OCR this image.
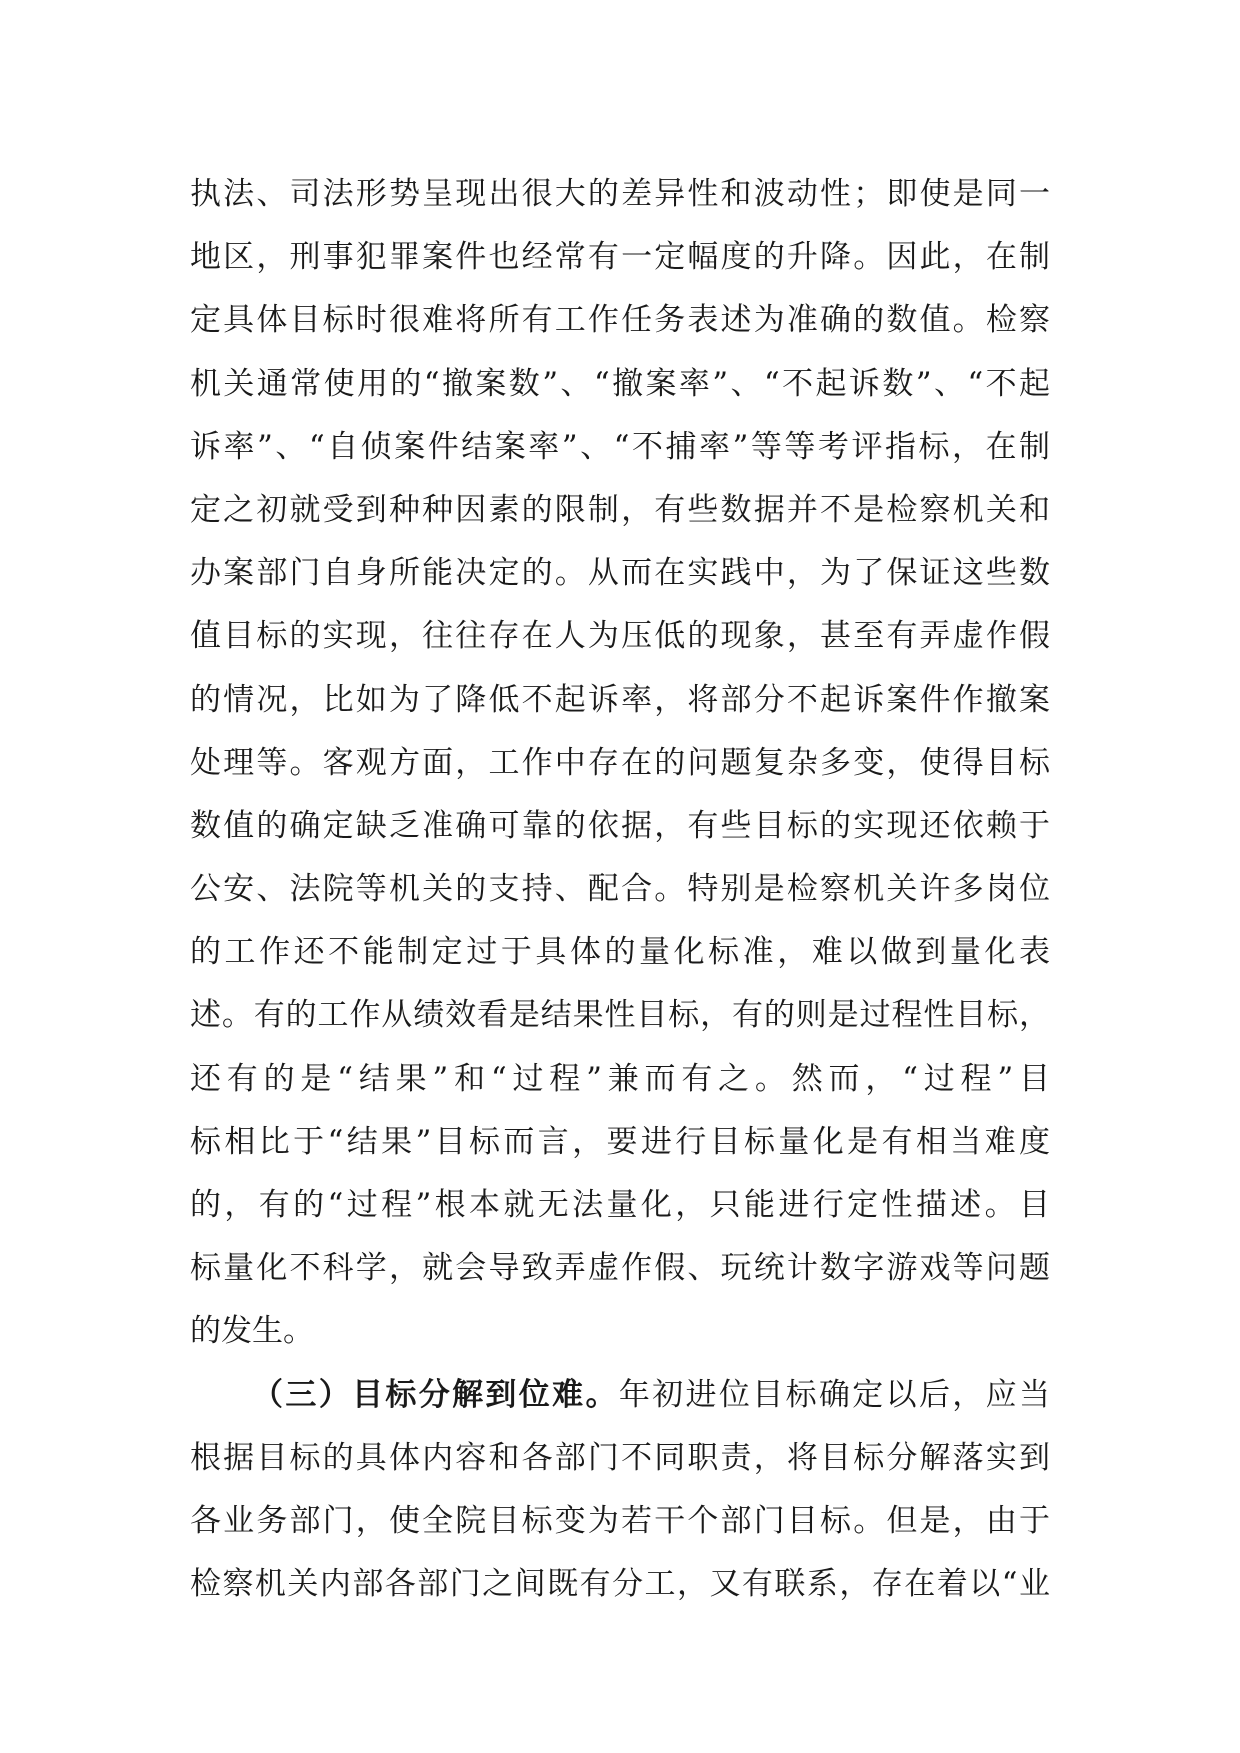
执法、司法形势呈现出很大的差异性和波动性；即使是同一
地区，刑事犯罪案件也经常有一定幅度的升降。因此，在制
定具体目标时很难将所有工作任务表述为准确的数值。检察
机关通常使用的“撤案数”、“撤案率”、“不起诉数”、“不起
诉率”、“自侦案件结案率”、“不捕率”等等考评指标，在制
定之初就受到种种因素的限制，有些数据并不是检察机关和
办案部门自身所能决定的。从而在实践中，为了保证这些数
值目标的实现，往往存在人为压低的现象，甚至有弄虚作假
的情况，比如为了降低不起诉率，将部分不起诉案件作撤案
处理等。客观方面，工作中存在的问题复杂多变，使得目标
数值的确定缺乏准确可靠的依据，有些目标的实现还依赖于
公安、法院等机关的支持、配合。特别是检察机关许多岗位
的工作还不能制定过于具体的量化标准，难以做到量化表
述。有的工作从绩效看是结果性目标，有的则是过程性目标，
还有的是“结果”和“过程”兼而有之。然而，“过程”目
标相比于“结果”目标而言，要进行目标量化是有相当难度
的，有的“过程”根本就无法量化，只能进行定性描述。目
标量化不科学，就会导致弄虚作假、玩统计数字游戏等问题
的发生。
（三）目标分解到位难。年初进位目标确定以后，应当
根据目标的具体内容和各部门不同职责，将目标分解落实到
各业务部门，使全院目标变为若干个部门目标。但是，由于
检察机关内部各部门之间既有分工，又有联系，存在着以“业
